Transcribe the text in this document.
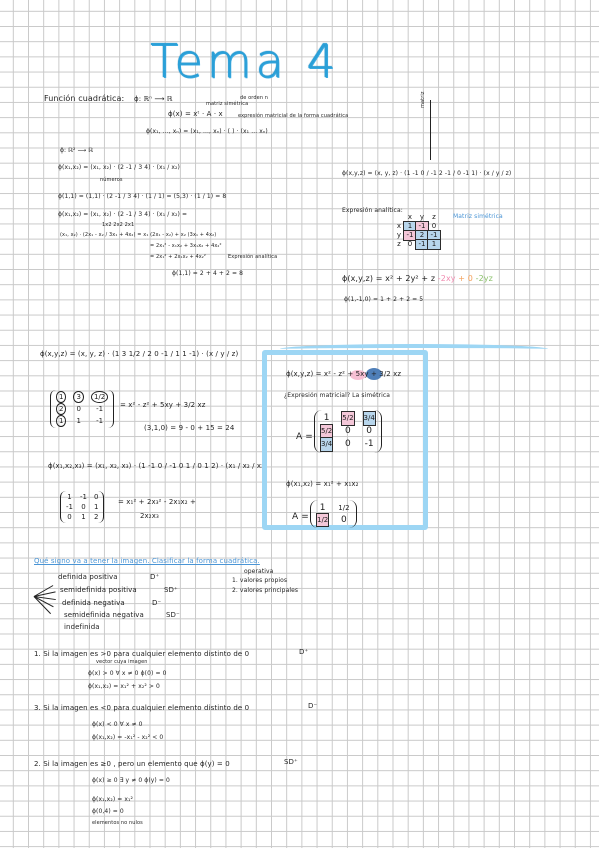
Tema 4
Función cuadrática: ϕ: ℝⁿ ⟶ ℝ
ϕ(x) = xᵗ · A · x
matriz simétrica
de orden n
expresión matricial de la forma cuadrática
ϕ(x₁, ..., xₙ) = (x₁, ..., xₙ) · ( ) · (x₁ ... xₙ)
ϕ: ℝ² ⟶ ℝ
ϕ(x₁,x₂) = (x₁, x₂) · (2 -1 / 3 4) · (x₁ / x₂)
números
ϕ(1,1) = (1,1) · (2 -1 / 3 4) · (1 / 1) = (5,3) · (1 / 1) = 8
ϕ(x₁,x₂) = (x₁, x₂) · (2 -1 / 3 4) · (x₁ / x₂) =
1x2 2x2 2x1
(x₁, x₂) · (2x₁ - x₂ / 3x₁ + 4x₂) = x₁ (2x₁ - x₂) + x₂ (3x₁ + 4x₂)
= 2x₁² - x₁x₂ + 3x₁x₂ + 4x₂²
= 2x₁² + 2x₁x₂ + 4x₂²	Expresión analítica
ϕ(1,1) = 2 + 4 + 2 = 8
matriz
ϕ(x,y,z) = (x, y, z) · (1 -1 0 / -1 2 -1 / 0 -1 1) · (x / y / z)
Expresión analítica:
Matriz simétrica
x	y	z
x 1 -1 0
y -1 2 -1
z 0 -1 1
ϕ(x,y,z) = x² + 2y² + z -2xy + 0 -2yz
ϕ(1,-1,0) = 1 + 2 + 2 = 5
ϕ(x,y,z) = (x, y, z) · (1 3 1/2 / 2 0 -1 / 1 1 -1) · (x / y / z)
1	3	1/2
2	0 -1
1	1 -1
= x² - z² + 5xy + 3/2 xz
(3,1,0) = 9 - 0 + 15 = 24
ϕ(x₁,x₂,x₃) = (x₁, x₂, x₃) · (1 -1 0 / -1 0 1 / 0 1 2) · (x₁ / x₂ / x₃)
1 -1 0
-1 0 1
0 1 2
= x₁² + 2x₃² - 2x₁x₂ +
2x₂x₃
ϕ(x,y,z) = x² - z² + 5xy + 3/2 xz
¿Expresión matricial? La simétrica
A =
1 5/2 3/4
5/2 0 0
3/4 0 -1
ϕ(x₁,x₂) = x₁² + x₁x₂
A =
1 1/2
1/2 0
Qué signo va a tener la imagen. Clasificar la forma cuadrática.
definida positiva	D⁺
semidefinida positiva	SD⁺
definida negativa	D⁻
semidefinida negativa	SD⁻
indefinida
operativa
1. valores propios
2. valores principales
1. Si la imagen es >0 para cualquier elemento distinto de 0	D⁺
vector cuya imagen
ϕ(x) > 0 ∀ x ≠ 0 ϕ(0) = 0
ϕ(x₁,x₂) = x₁² + x₂² > 0
3. Si la imagen es <0 para cualquier elemento distinto de 0	D⁻
ϕ(x) < 0 ∀ x ≠ 0
ϕ(x₁,x₂) = -x₁² - x₂² < 0
2. Si la imagen es ≥0 , pero un elemento que ϕ(y) = 0	SD⁺
ϕ(x) ≥ 0 ∃ y ≠ 0 ϕ(y) = 0
ϕ(x₁,x₂) = x₁²
ϕ(0,4) = 0
elementos no nulos
